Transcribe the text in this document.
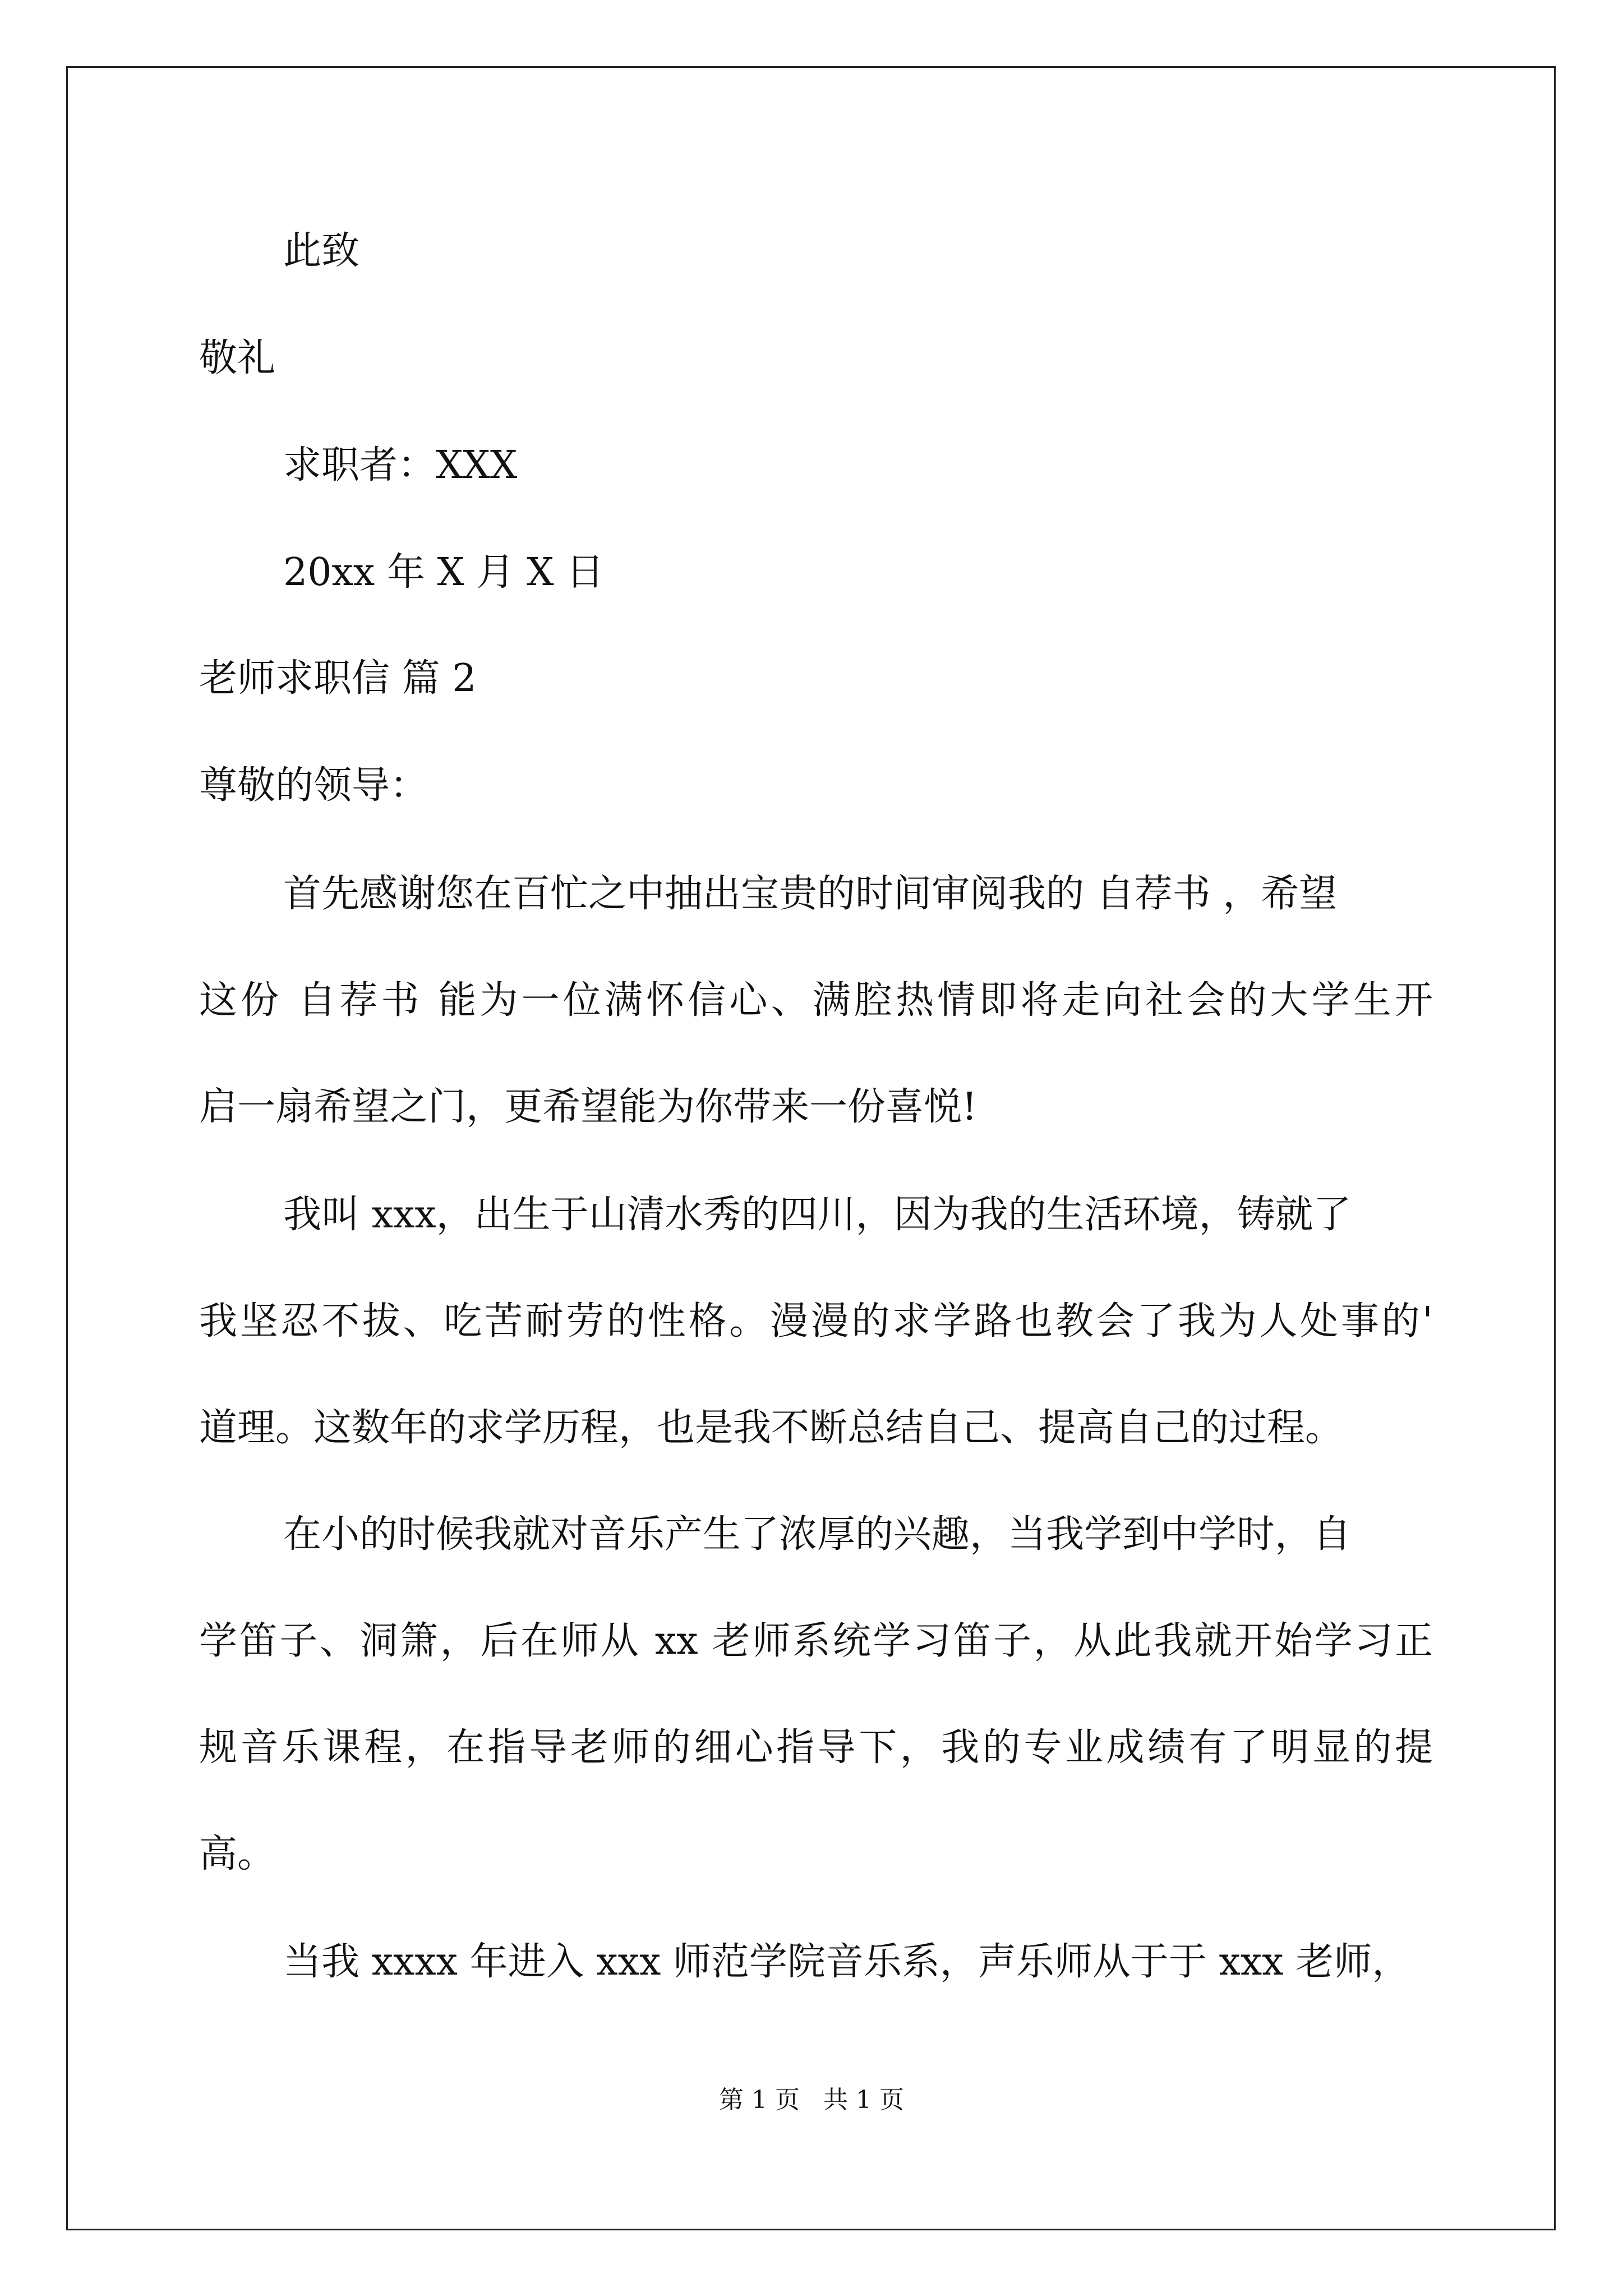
此致
敬礼
求职者：XXX
20xx 年 X 月 X 日
老师求职信 篇 2
尊敬的领导：
首先感谢您在百忙之中抽出宝贵的时间审阅我的 自荐书 ，希望
这份 自荐书 能为一位满怀信心、满腔热情即将走向社会的大学生开
启一扇希望之门，更希望能为你带来一份喜悦!
我叫 xxx，出生于山清水秀的四川，因为我的生活环境，铸就了
我坚忍不拔、吃苦耐劳的性格。漫漫的求学路也教会了我为人处事的'
道理。这数年的求学历程，也是我不断总结自己、提高自己的过程。
在小的时候我就对音乐产生了浓厚的兴趣，当我学到中学时，自
学笛子、洞箫，后在师从 xx 老师系统学习笛子，从此我就开始学习正
规音乐课程，在指导老师的细心指导下，我的专业成绩有了明显的提
高。
当我 xxxx 年进入 xxx 师范学院音乐系，声乐师从于于 xxx 老师，
第 1 页   共 1 页
